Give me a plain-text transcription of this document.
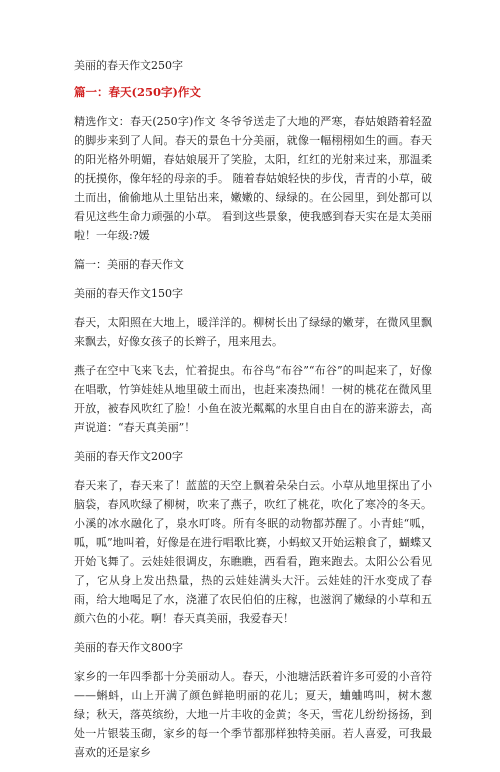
美丽的春天作文250字

篇一：春天(250字)作文

精选作文：春天(250字)作文 冬爷爷送走了大地的严寒，春姑娘踏着轻盈的脚步来到了人间。春天的景色十分美丽，就像一幅栩栩如生的画。春天的阳光格外明媚，春姑娘展开了笑脸，太阳，红红的光射来过来，那温柔的抚摸你，像年轻的母亲的手。 随着春姑娘轻快的步伐，青青的小草，破土而出，偷偷地从土里钻出来，嫩嫩的、绿绿的。在公园里，到处都可以看见这些生命力顽强的小草。 看到这些景象，使我感到春天实在是太美丽啦！一年级:?媛

篇一：美丽的春天作文

美丽的春天作文150字

春天，太阳照在大地上，暖洋洋的。柳树长出了绿绿的嫩芽，在微风里飘来飘去，好像女孩子的长辫子，甩来甩去。

燕子在空中飞来飞去，忙着捉虫。布谷鸟“布谷”“布谷”的叫起来了，好像在唱歌，竹笋娃娃从地里破土而出，也赶来凑热闹！一树的桃花在微风里开放，被春风吹红了脸！小鱼在波光粼粼的水里自由自在的游来游去，高声说道：“春天真美丽”！

美丽的春天作文200字

春天来了，春天来了！蓝蓝的天空上飘着朵朵白云。小草从地里探出了小脑袋，春风吹绿了柳树，吹来了燕子，吹红了桃花，吹化了寒冷的冬天。小溪的冰水融化了，泉水叮咚。所有冬眠的动物都苏醒了。小青蛙“呱，呱，呱”地叫着，好像是在进行唱歌比赛，小蚂蚁又开始运粮食了，蝴蝶又开始飞舞了。云娃娃很调皮，东瞧瞧，西看看，跑来跑去。太阳公公看见了，它从身上发出热量，热的云娃娃满头大汗。云娃娃的汗水变成了春雨，给大地喝足了水，浇灌了农民伯伯的庄稼，也滋润了嫩绿的小草和五颜六色的小花。啊！春天真美丽，我爱春天！

美丽的春天作文800字

家乡的一年四季都十分美丽动人。春天，小池塘活跃着许多可爱的小音符——蝌蚪，山上开满了颜色鲜艳明丽的花儿；夏天，蛐蛐鸣叫，树木葱绿；秋天，落英缤纷，大地一片丰收的金黄；冬天，雪花儿纷纷扬扬，到处一片银装玉砌，家乡的每一个季节都那样独特美丽。若人喜爱，可我最喜欢的还是家乡
